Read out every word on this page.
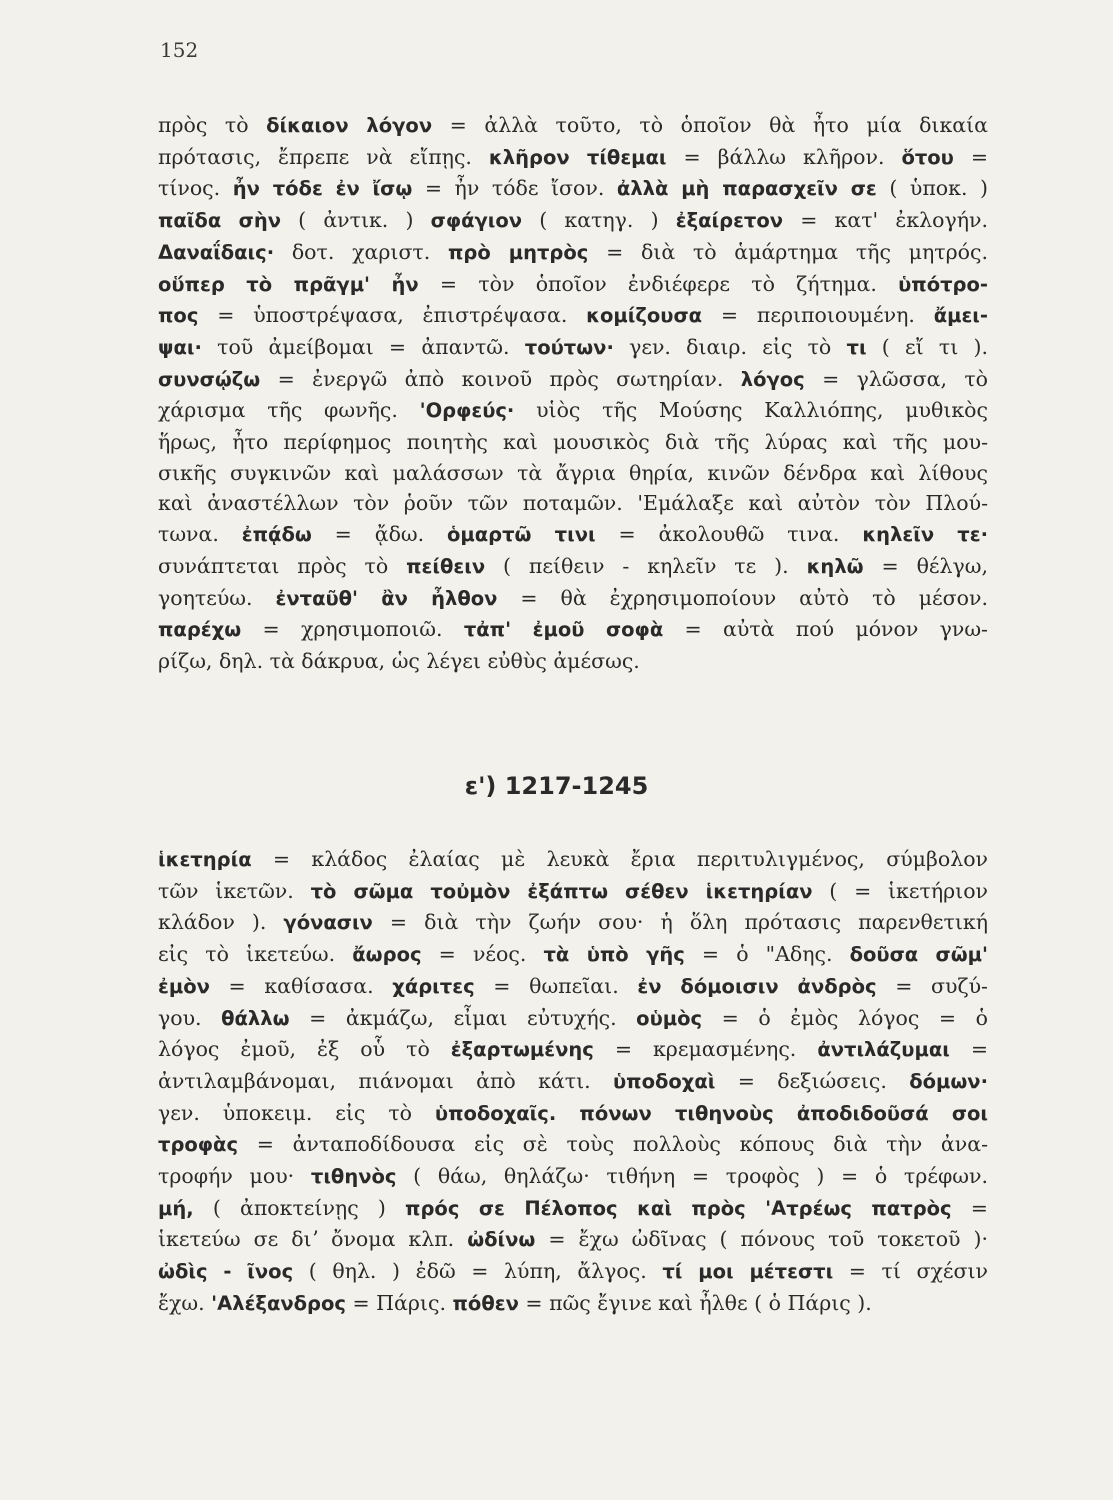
152

πρὸς τὸ δίκαιον λόγον = ἀλλὰ τοῦτο, τὸ ὁποῖον θὰ ἦτο μία δικαία

πρότασις, ἔπρεπε νὰ εἴπῃς. κλῆρον τίθεμαι = βάλλω κλῆρον. ὅτου =

τίνος. ἦν τόδε ἐν ἴσῳ = ἦν τόδε ἴσον. ἀλλὰ μὴ παρασχεῖν σε ( ὑποκ. )

παῖδα σὴν ( ἀντικ. ) σφάγιον ( κατηγ. ) ἐξαίρετον = κατ' ἐκλογήν.

Δαναΐδαις· δοτ. χαριστ. πρὸ μητρὸς = διὰ τὸ ἁμάρτημα τῆς μητρός.

οὕπερ τὸ πρᾶγμ' ἦν = τὸν ὁποῖον ἐνδιέφερε τὸ ζήτημα. ὑπότρο-

πος = ὑποστρέψασα, ἐπιστρέψασα. κομίζουσα = περιποιουμένη. ἄμει-

ψαι· τοῦ ἀμείβομαι = ἀπαντῶ. τούτων· γεν. διαιρ. εἰς τὸ τι ( εἴ τι ).

συνσῴζω = ἐνεργῶ ἀπὸ κοινοῦ πρὸς σωτηρίαν. λόγος = γλῶσσα, τὸ

χάρισμα τῆς φωνῆς. 'Ορφεύς· υἱὸς τῆς Μούσης Καλλιόπης, μυθικὸς

ἥρως, ἦτο περίφημος ποιητὴς καὶ μουσικὸς διὰ τῆς λύρας καὶ τῆς μου-

σικῆς συγκινῶν καὶ μαλάσσων τὰ ἄγρια θηρία, κινῶν δένδρα καὶ λίθους

καὶ ἀναστέλλων τὸν ῥοῦν τῶν ποταμῶν. 'Εμάλαξε καὶ αὐτὸν τὸν Πλού-

τωνα. ἐπᾴδω = ᾄδω. ὁμαρτῶ τινι = ἀκολουθῶ τινα. κηλεῖν τε·

συνάπτεται πρὸς τὸ πείθειν ( πείθειν - κηλεῖν τε ). κηλῶ = θέλγω,

γοητεύω. ἐνταῦθ' ἂν ἦλθον = θὰ ἐχρησιμοποίουν αὐτὸ τὸ μέσον.

παρέχω = χρησιμοποιῶ. τἀπ' ἐμοῦ σοφὰ = αὐτὰ πού μόνον γνω-

ρίζω, δηλ. τὰ δάκρυα, ὡς λέγει εὐθὺς ἀμέσως.

ε') 1217-1245

ἱκετηρία = κλάδος ἐλαίας μὲ λευκὰ ἔρια περιτυλιγμένος, σύμβολον

τῶν ἱκετῶν. τὸ σῶμα τοὐμὸν ἐξάπτω σέθεν ἱκετηρίαν ( = ἱκετήριον

κλάδον ). γόνασιν = διὰ τὴν ζωήν σου· ἡ ὅλη πρότασις παρενθετική

εἰς τὸ ἱκετεύω. ἄωρος = νέος. τὰ ὑπὸ γῆς = ὁ "Αδης. δοῦσα σῶμ'

ἐμὸν = καθίσασα. χάριτες = θωπεῖαι. ἐν δόμοισιν ἀνδρὸς = συζύ-

γου. θάλλω = ἀκμάζω, εἶμαι εὐτυχής. οὑμὸς = ὁ ἐμὸς λόγος = ὁ

λόγος ἐμοῦ, ἐξ οὗ τὸ ἐξαρτωμένης = κρεμασμένης. ἀντιλάζυμαι =

ἀντιλαμβάνομαι, πιάνομαι ἀπὸ κάτι. ὑποδοχαὶ = δεξιώσεις. δόμων·

γεν. ὑποκειμ. εἰς τὸ ὑποδοχαῖς. πόνων τιθηνοὺς ἀποδιδοῦσά σοι

τροφὰς = ἀνταποδίδουσα εἰς σὲ τοὺς πολλοὺς κόπους διὰ τὴν ἀνα-

τροφήν μου· τιθηνὸς ( θάω, θηλάζω· τιθήνη = τροφὸς ) = ὁ τρέφων.

μή, ( ἀποκτείνῃς ) πρός σε Πέλοπος καὶ πρὸς 'Ατρέως πατρὸς =

ἱκετεύω σε διʼ ὄνομα κλπ. ὠδίνω = ἔχω ὠδῖνας ( πόνους τοῦ τοκετοῦ )·

ὠδὶς - ῖνος ( θηλ. ) ἐδῶ = λύπη, ἄλγος. τί μοι μέτεστι = τί σχέσιν

ἔχω. 'Αλέξανδρος = Πάρις. πόθεν = πῶς ἔγινε καὶ ἦλθε ( ὁ Πάρις ).
